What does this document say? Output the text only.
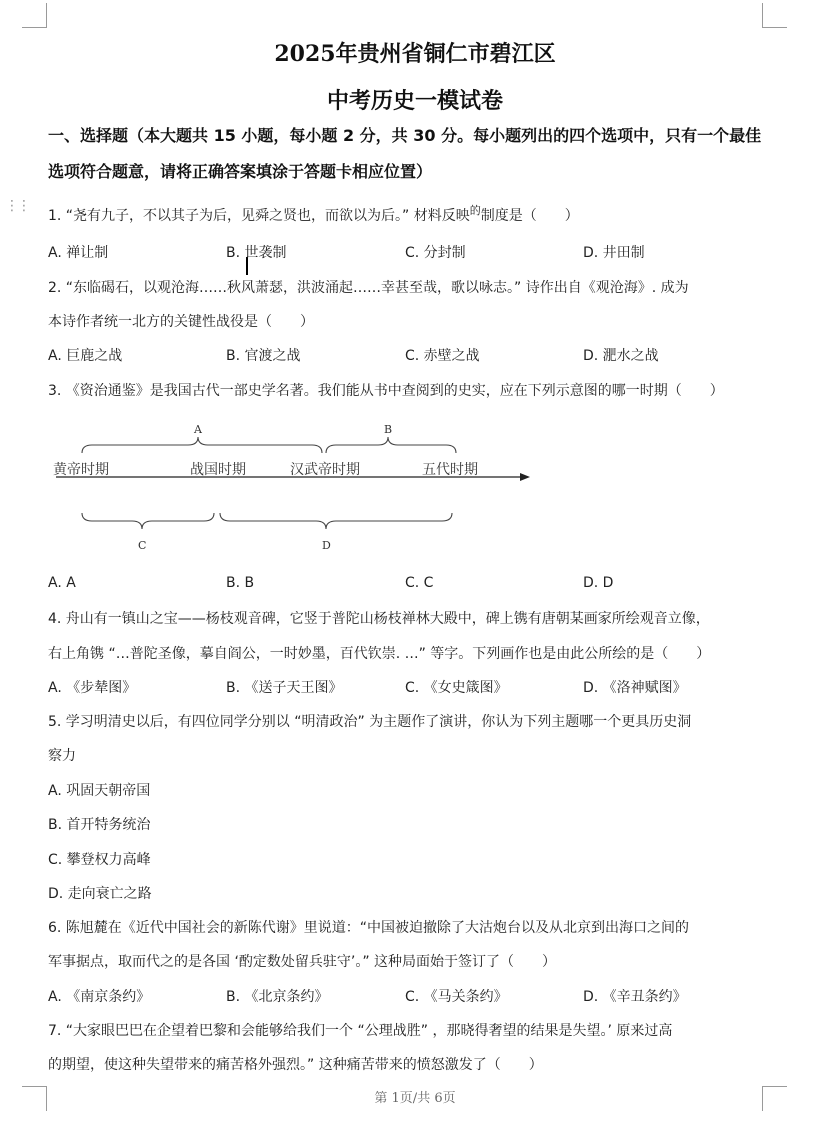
⋮⋮
2025年贵州省铜仁市碧江区
中考历史一模试卷
一、选择题（本大题共 15 小题，每小题 2 分，共 30 分。每小题列出的四个选项中，只有一个最佳选项符合题意，请将正确答案填涂于答题卡相应位置）
1. “尧有九子，不以其子为后，见舜之贤也，而欲以为后。” 材料反映$^的$制度是（　　）
A. 禅让制	B. 世袭制	C. 分封制	D. 井田制
2. “东临碣石，以观沧海……秋风萧瑟，洪波涌起……幸甚至哉，歌以咏志。” 诗作出自《观沧海》. 成为
本诗作者统一北方的关键性战役是（　　）
A. 巨鹿之战	B. 官渡之战	C. 赤壁之战	D. 淝水之战
3. 《资治通鉴》是我国古代一部史学名著。我们能从书中查阅到的史实，应在下列示意图的哪一时期（　　）
A	B
C	D
黄帝时期	战国时期	汉武帝时期	五代时期
A. A	B. B	C. C	D. D
4. 舟山有一镇山之宝——杨枝观音碑，它竖于普陀山杨枝禅林大殿中，碑上镌有唐朝某画家所绘观音立像，
右上角镌 “…普陀圣像，摹自阎公，一时妙墨，百代钦崇. …” 等字。下列画作也是由此公所绘的是（　　）
A. 《步辇图》	B. 《送子天王图》	C. 《女史箴图》	D. 《洛神赋图》
5. 学习明清史以后，有四位同学分别以 “明清政治” 为主题作了演讲，你认为下列主题哪一个更具历史洞
察力
A. 巩固天朝帝国
B. 首开特务统治
C. 攀登权力高峰
D. 走向衰亡之路
6. 陈旭麓在《近代中国社会的新陈代谢》里说道：“中国被迫撤除了大沽炮台以及从北京到出海口之间的
军事据点，取而代之的是各国 ‘酌定数处留兵驻守’。” 这种局面始于签订了（　　）
A. 《南京条约》	B. 《北京条约》	C. 《马关条约》	D. 《辛丑条约》
7. “大家眼巴巴在企望着巴黎和会能够给我们一个 “公理战胜” ，那晓得奢望的结果是失望。’ 原来过高
的期望，使这种失望带来的痛苦格外强烈。” 这种痛苦带来的愤怒激发了（　　）
第 1页/共 6页
